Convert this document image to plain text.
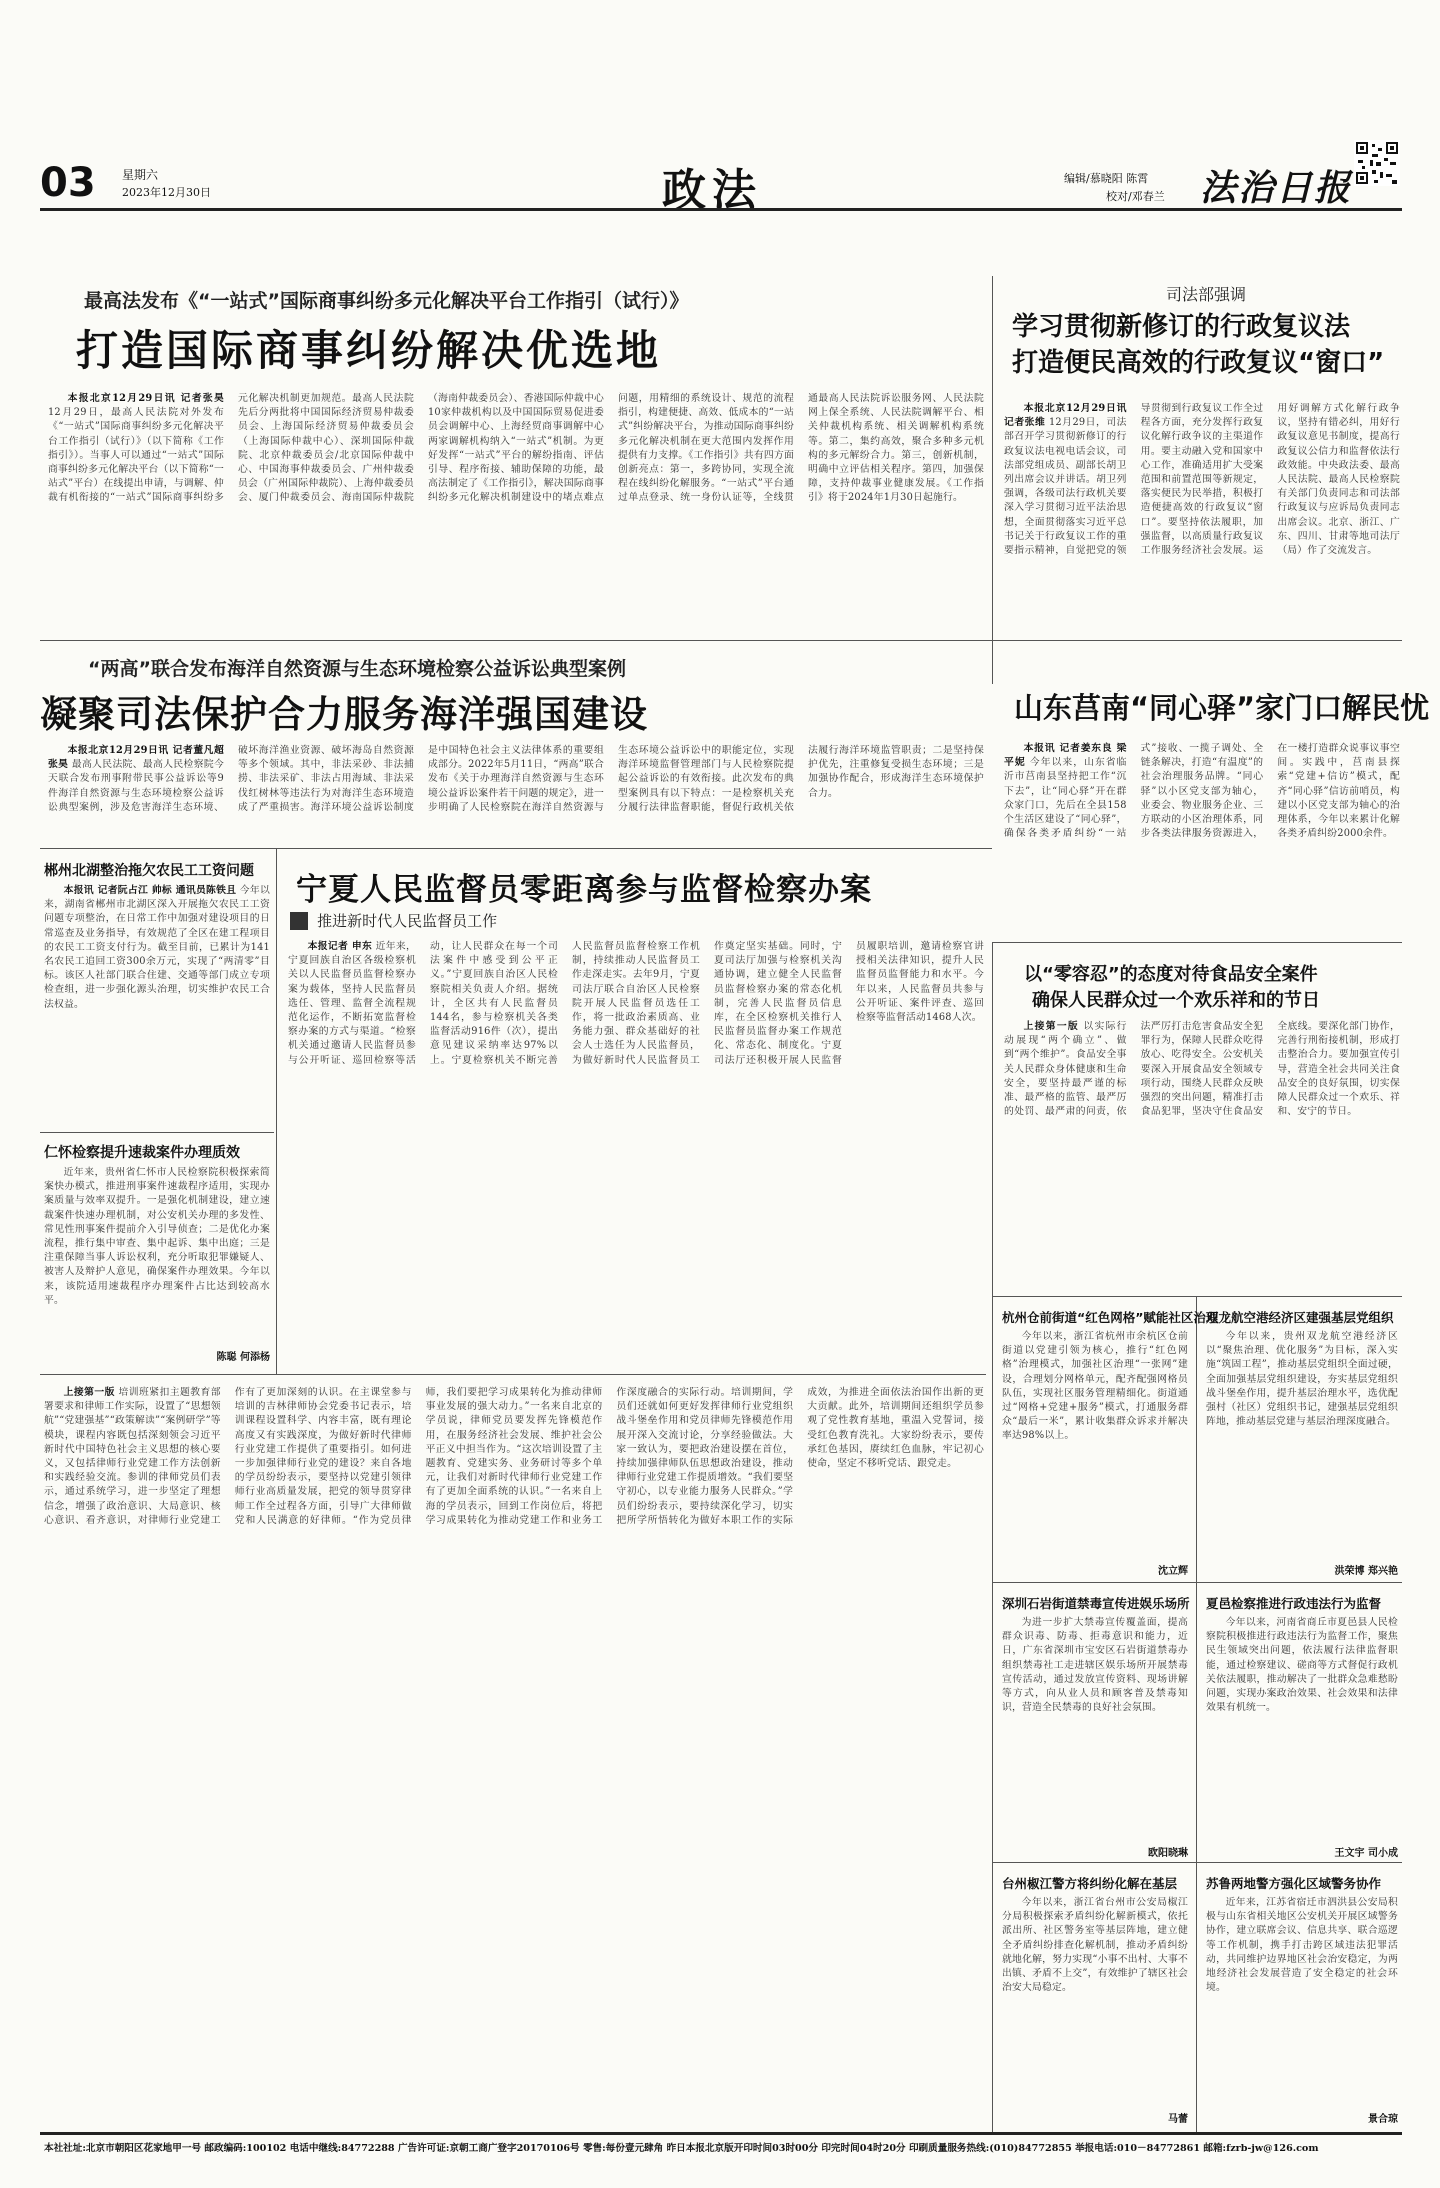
03 星期六
2023年12月30日	政法	编辑/慕晓阳 陈霄
校对/邓春兰 法治日报
最高法发布《“一站式”国际商事纠纷多元化解决平台工作指引（试行）》
打造国际商事纠纷解决优选地

本报北京12月29日讯 记者张昊 12月29日，最高人民法院对外发布《“一站式”国际商事纠纷多元化解决平台工作指引（试行）》（以下简称《工作指引》）。当事人可以通过“一站式”国际商事纠纷多元化解决平台（以下简称“一站式”平台）在线提出申请，与调解、仲裁有机衔接的“一站式”国际商事纠纷多元化解决机制更加规范。最高人民法院先后分两批将中国国际经济贸易仲裁委员会、上海国际经济贸易仲裁委员会（上海国际仲裁中心）、深圳国际仲裁院、北京仲裁委员会/北京国际仲裁中心、中国海事仲裁委员会、广州仲裁委员会（广州国际仲裁院）、上海仲裁委员会、厦门仲裁委员会、海南国际仲裁院（海南仲裁委员会）、香港国际仲裁中心10家仲裁机构以及中国国际贸易促进委员会调解中心、上海经贸商事调解中心两家调解机构纳入“一站式”机制。为更好发挥“一站式”平台的解纷指南、评估引导、程序衔接、辅助保障的功能，最高法制定了《工作指引》，解决国际商事纠纷多元化解决机制建设中的堵点难点问题，用精细的系统设计、规范的流程指引，构建便捷、高效、低成本的“一站式”纠纷解决平台，为推动国际商事纠纷多元化解决机制在更大范围内发挥作用提供有力支撑。《工作指引》共有四方面创新亮点：第一，多跨协同，实现全流程在线纠纷化解服务。“一站式”平台通过单点登录、统一身份认证等，全线贯通最高人民法院诉讼服务网、人民法院网上保全系统、人民法院调解平台、相关仲裁机构系统、相关调解机构系统等。第二，集约高效，聚合多种多元机构的多元解纷合力。第三，创新机制，明确中立评估相关程序。第四，加强保障，支持仲裁事业健康发展。《工作指引》将于2024年1月30日起施行。

司法部强调
学习贯彻新修订的行政复议法
打造便民高效的行政复议“窗口”

本报北京12月29日讯 记者张维 12月29日，司法部召开学习贯彻新修订的行政复议法电视电话会议，司法部党组成员、副部长胡卫列出席会议并讲话。胡卫列强调，各级司法行政机关要深入学习贯彻习近平法治思想，全面贯彻落实习近平总书记关于行政复议工作的重要指示精神，自觉把党的领导贯彻到行政复议工作全过程各方面，充分发挥行政复议化解行政争议的主渠道作用。要主动融入党和国家中心工作，准确适用扩大受案范围和前置范围等新规定，落实便民为民举措，积极打造便捷高效的行政复议“窗口”。要坚持依法履职，加强监督，以高质量行政复议工作服务经济社会发展。运用好调解方式化解行政争议，坚持有错必纠，用好行政复议意见书制度，提高行政复议公信力和监督依法行政效能。中央政法委、最高人民法院、最高人民检察院有关部门负责同志和司法部行政复议与应诉局负责同志出席会议。北京、浙江、广东、四川、甘肃等地司法厅（局）作了交流发言。

“两高”联合发布海洋自然资源与生态环境检察公益诉讼典型案例
凝聚司法保护合力服务海洋强国建设

本报北京12月29日讯 记者董凡超 张昊 最高人民法院、最高人民检察院今天联合发布刑事附带民事公益诉讼等9件海洋自然资源与生态环境检察公益诉讼典型案例，涉及危害海洋生态环境、破坏海洋渔业资源、破坏海岛自然资源等多个领域。其中，非法采砂、非法捕捞、非法采矿、非法占用海域、非法采伐红树林等违法行为对海洋生态环境造成了严重损害。海洋环境公益诉讼制度是中国特色社会主义法律体系的重要组成部分。2022年5月11日，“两高”联合发布《关于办理海洋自然资源与生态环境公益诉讼案件若干问题的规定》，进一步明确了人民检察院在海洋自然资源与生态环境公益诉讼中的职能定位，实现海洋环境监督管理部门与人民检察院提起公益诉讼的有效衔接。此次发布的典型案例具有以下特点：一是检察机关充分履行法律监督职能，督促行政机关依法履行海洋环境监管职责；二是坚持保护优先，注重修复受损生态环境；三是加强协作配合，形成海洋生态环境保护合力。

山东莒南“同心驿”家门口解民忧

本报讯 记者姜东良 梁平妮 今年以来，山东省临沂市莒南县坚持把工作“沉下去”，让“同心驿”开在群众家门口，先后在全县158个生活区建设了“同心驿”，确保各类矛盾纠纷“一站式”接收、一揽子调处、全链条解决，打造“有温度”的社会治理服务品牌。“同心驿”以小区党支部为轴心，业委会、物业服务企业、三方联动的小区治理体系，同步各类法律服务资源进入，在一楼打造群众说事议事空间。实践中，莒南县探索“党建+信访”模式，配齐“同心驿”信访前哨员，构建以小区党支部为轴心的治理体系，今年以来累计化解各类矛盾纠纷2000余件。

郴州北湖整治拖欠农民工工资问题

本报讯 记者阮占江 帅标 通讯员陈铁且 今年以来，湖南省郴州市北湖区深入开展拖欠农民工工资问题专项整治，在日常工作中加强对建设项目的日常巡查及业务指导，有效规范了全区在建工程项目的农民工工资支付行为。截至目前，已累计为141名农民工追回工资300余万元，实现了“两清零”目标。该区人社部门联合住建、交通等部门成立专项检查组，进一步强化源头治理，切实维护农民工合法权益。

仁怀检察提升速裁案件办理质效

近年来，贵州省仁怀市人民检察院积极探索简案快办模式，推进刑事案件速裁程序适用，实现办案质量与效率双提升。一是强化机制建设，建立速裁案件快速办理机制，对公安机关办理的多发性、常见性刑事案件提前介入引导侦查；二是优化办案流程，推行集中审查、集中起诉、集中出庭；三是注重保障当事人诉讼权利，充分听取犯罪嫌疑人、被害人及辩护人意见，确保案件办理效果。今年以来，该院适用速裁程序办理案件占比达到较高水平。

陈聪 何添杨
宁夏人民监督员零距离参与监督检察办案
推进新时代人民监督员工作

本报记者 申东 近年来，宁夏回族自治区各级检察机关以人民监督员监督检察办案为载体，坚持人民监督员选任、管理、监督全流程规范化运作，不断拓宽监督检察办案的方式与渠道。“检察机关通过邀请人民监督员参与公开听证、巡回检察等活动，让人民群众在每一个司法案件中感受到公平正义。”宁夏回族自治区人民检察院相关负责人介绍。据统计，全区共有人民监督员144名，参与检察机关各类监督活动916件（次），提出意见建议采纳率达97%以上。宁夏检察机关不断完善人民监督员监督检察工作机制，持续推动人民监督员工作走深走实。去年9月，宁夏司法厅联合自治区人民检察院开展人民监督员选任工作，将一批政治素质高、业务能力强、群众基础好的社会人士选任为人民监督员，为做好新时代人民监督员工作奠定坚实基础。同时，宁夏司法厅加强与检察机关沟通协调，建立健全人民监督员监督检察办案的常态化机制，完善人民监督员信息库，在全区检察机关推行人民监督员监督办案工作规范化、常态化、制度化。宁夏司法厅还积极开展人民监督员履职培训，邀请检察官讲授相关法律知识，提升人民监督员监督能力和水平。今年以来，人民监督员共参与公开听证、案件评查、巡回检察等监督活动1468人次。

以“零容忍”的态度对待食品安全案件
确保人民群众过一个欢乐祥和的节日

上接第一版 以实际行动展现“两个确立”、做到“两个维护”。食品安全事关人民群众身体健康和生命安全，要坚持最严谨的标准、最严格的监管、最严厉的处罚、最严肃的问责，依法严厉打击危害食品安全犯罪行为，保障人民群众吃得放心、吃得安全。公安机关要深入开展食品安全领域专项行动，围绕人民群众反映强烈的突出问题，精准打击食品犯罪，坚决守住食品安全底线。要深化部门协作，完善行刑衔接机制，形成打击整治合力。要加强宣传引导，营造全社会共同关注食品安全的良好氛围，切实保障人民群众过一个欢乐、祥和、安宁的节日。

上接第一版 培训班紧扣主题教育部署要求和律师工作实际，设置了“思想领航”“党建强基”“政策解读”“案例研学”等模块，课程内容既包括深刻领会习近平新时代中国特色社会主义思想的核心要义，又包括律师行业党建工作方法创新和实践经验交流。参训的律师党员们表示，通过系统学习，进一步坚定了理想信念，增强了政治意识、大局意识、核心意识、看齐意识，对律师行业党建工作有了更加深刻的认识。在主课堂参与培训的吉林律师协会党委书记表示，培训课程设置科学、内容丰富，既有理论高度又有实践深度，为做好新时代律师行业党建工作提供了重要指引。如何进一步加强律师行业党的建设？来自各地的学员纷纷表示，要坚持以党建引领律师行业高质量发展，把党的领导贯穿律师工作全过程各方面，引导广大律师做党和人民满意的好律师。“作为党员律师，我们要把学习成果转化为推动律师事业发展的强大动力。”一名来自北京的学员说，律师党员要发挥先锋模范作用，在服务经济社会发展、维护社会公平正义中担当作为。“这次培训设置了主题教育、党建实务、业务研讨等多个单元，让我们对新时代律师行业党建工作有了更加全面系统的认识。”一名来自上海的学员表示，回到工作岗位后，将把学习成果转化为推动党建工作和业务工作深度融合的实际行动。培训期间，学员们还就如何更好发挥律师行业党组织战斗堡垒作用和党员律师先锋模范作用展开深入交流讨论，分享经验做法。大家一致认为，要把政治建设摆在首位，持续加强律师队伍思想政治建设，推动律师行业党建工作提质增效。“我们要坚守初心，以专业能力服务人民群众。”学员们纷纷表示，要持续深化学习，切实把所学所悟转化为做好本职工作的实际成效，为推进全面依法治国作出新的更大贡献。此外，培训期间还组织学员参观了党性教育基地，重温入党誓词，接受红色教育洗礼。大家纷纷表示，要传承红色基因，赓续红色血脉，牢记初心使命，坚定不移听党话、跟党走。

杭州仓前街道“红色网格”赋能社区治理

今年以来，浙江省杭州市余杭区仓前街道以党建引领为核心，推行“红色网格”治理模式，加强社区治理“一张网”建设，合理划分网格单元，配齐配强网格员队伍，实现社区服务管理精细化。街道通过“网格+党建+服务”模式，打通服务群众“最后一米”，累计收集群众诉求并解决率达98%以上。

沈立辉
双龙航空港经济区建强基层党组织

今年以来，贵州双龙航空港经济区以“聚焦治理、优化服务”为目标，深入实施“筑固工程”，推动基层党组织全面过硬，全面加强基层党组织建设，夯实基层党组织战斗堡垒作用，提升基层治理水平，选优配强村（社区）党组织书记，建强基层党组织阵地，推动基层党建与基层治理深度融合。

洪荣博 郑兴艳
深圳石岩街道禁毒宣传进娱乐场所

为进一步扩大禁毒宣传覆盖面，提高群众识毒、防毒、拒毒意识和能力，近日，广东省深圳市宝安区石岩街道禁毒办组织禁毒社工走进辖区娱乐场所开展禁毒宣传活动，通过发放宣传资料、现场讲解等方式，向从业人员和顾客普及禁毒知识，营造全民禁毒的良好社会氛围。

欧阳晓琳
夏邑检察推进行政违法行为监督

今年以来，河南省商丘市夏邑县人民检察院积极推进行政违法行为监督工作，聚焦民生领域突出问题，依法履行法律监督职能，通过检察建议、磋商等方式督促行政机关依法履职，推动解决了一批群众急难愁盼问题，实现办案政治效果、社会效果和法律效果有机统一。

王文宇 司小成
台州椒江警方将纠纷化解在基层

今年以来，浙江省台州市公安局椒江分局积极探索矛盾纠纷化解新模式，依托派出所、社区警务室等基层阵地，建立健全矛盾纠纷排查化解机制，推动矛盾纠纷就地化解，努力实现“小事不出村、大事不出镇、矛盾不上交”，有效维护了辖区社会治安大局稳定。

马蕾
苏鲁两地警方强化区域警务协作

近年来，江苏省宿迁市泗洪县公安局积极与山东省相关地区公安机关开展区域警务协作，建立联席会议、信息共享、联合巡逻等工作机制，携手打击跨区域违法犯罪活动，共同维护边界地区社会治安稳定，为两地经济社会发展营造了安全稳定的社会环境。

景合琼
本社社址:北京市朝阳区花家地甲一号 邮政编码:100102 电话中继线:84772288 广告许可证:京朝工商广登字20170106号 零售:每份壹元肆角 昨日本报北京版开印时间03时00分 印完时间04时20分 印刷质量服务热线:(010)84772855 举报电话:010－84772861 邮箱:fzrb-jw@126.com
